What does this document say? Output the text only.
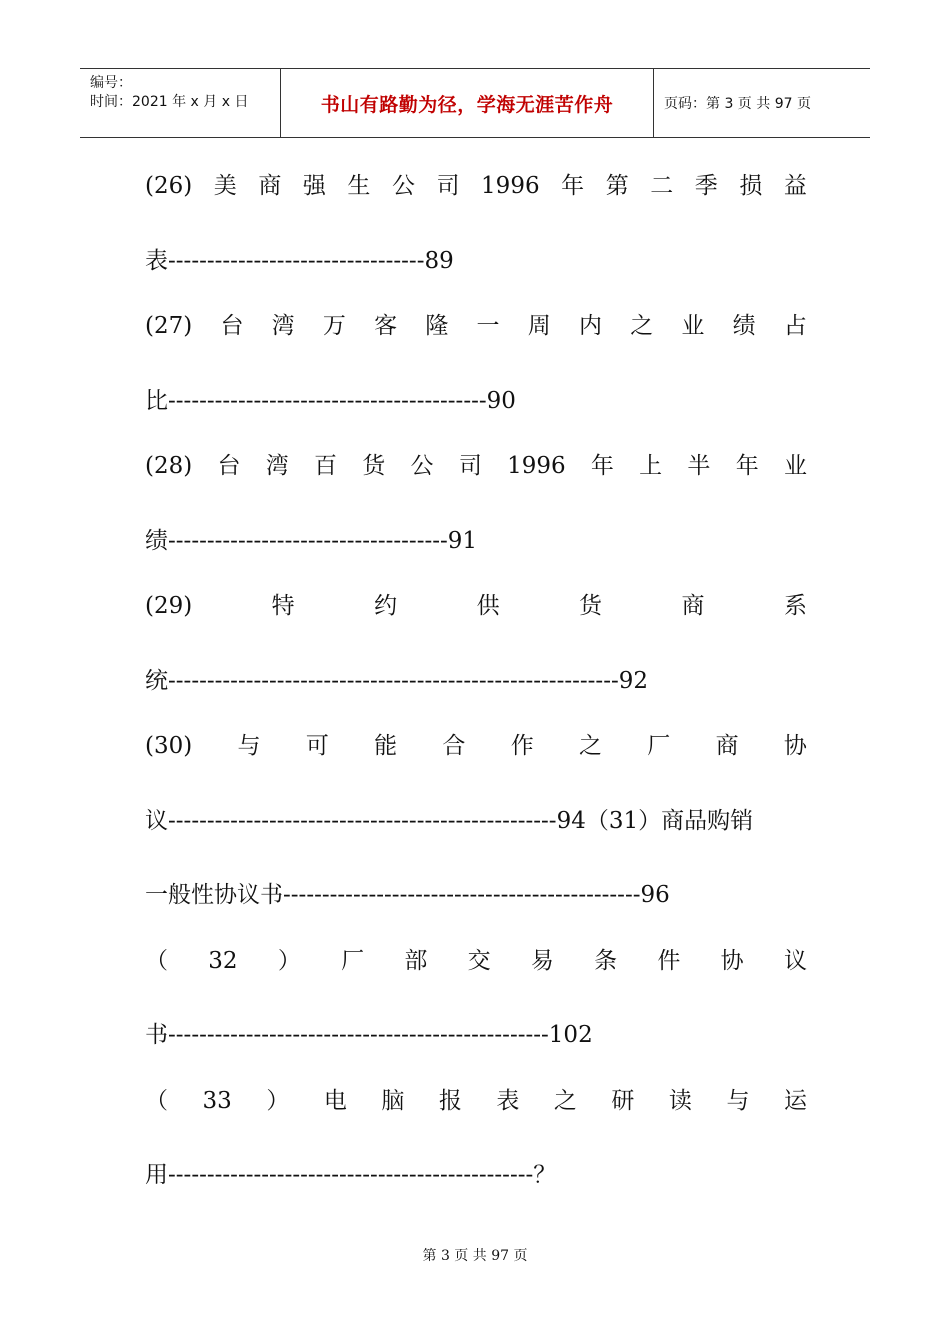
编号：
时间：2021 年 x 月 x 日	书山有路勤为径，学海无涯苦作舟	页码：第 3 页 共 97 页
(26) 美 商 强 生 公 司 1996 年 第 二 季 损 益
表---------------------------------89
(27) 台 湾 万 客 隆 一 周 内 之 业 绩 占
比-----------------------------------------90
(28) 台 湾 百 货 公 司 1996 年 上 半 年 业
绩------------------------------------91
(29)	特	约	供	货	商	系
统----------------------------------------------------------92
(30) 与 可 能 合 作 之 厂 商 协
议--------------------------------------------------94（31）商品购销
一般性协议书----------------------------------------------96
（ 32 ） 厂 部 交 易 条 件 协 议
书-------------------------------------------------102
（ 33 ） 电 脑 报 表 之 研 读 与 运
用-----------------------------------------------？
第 3 页 共 97 页
